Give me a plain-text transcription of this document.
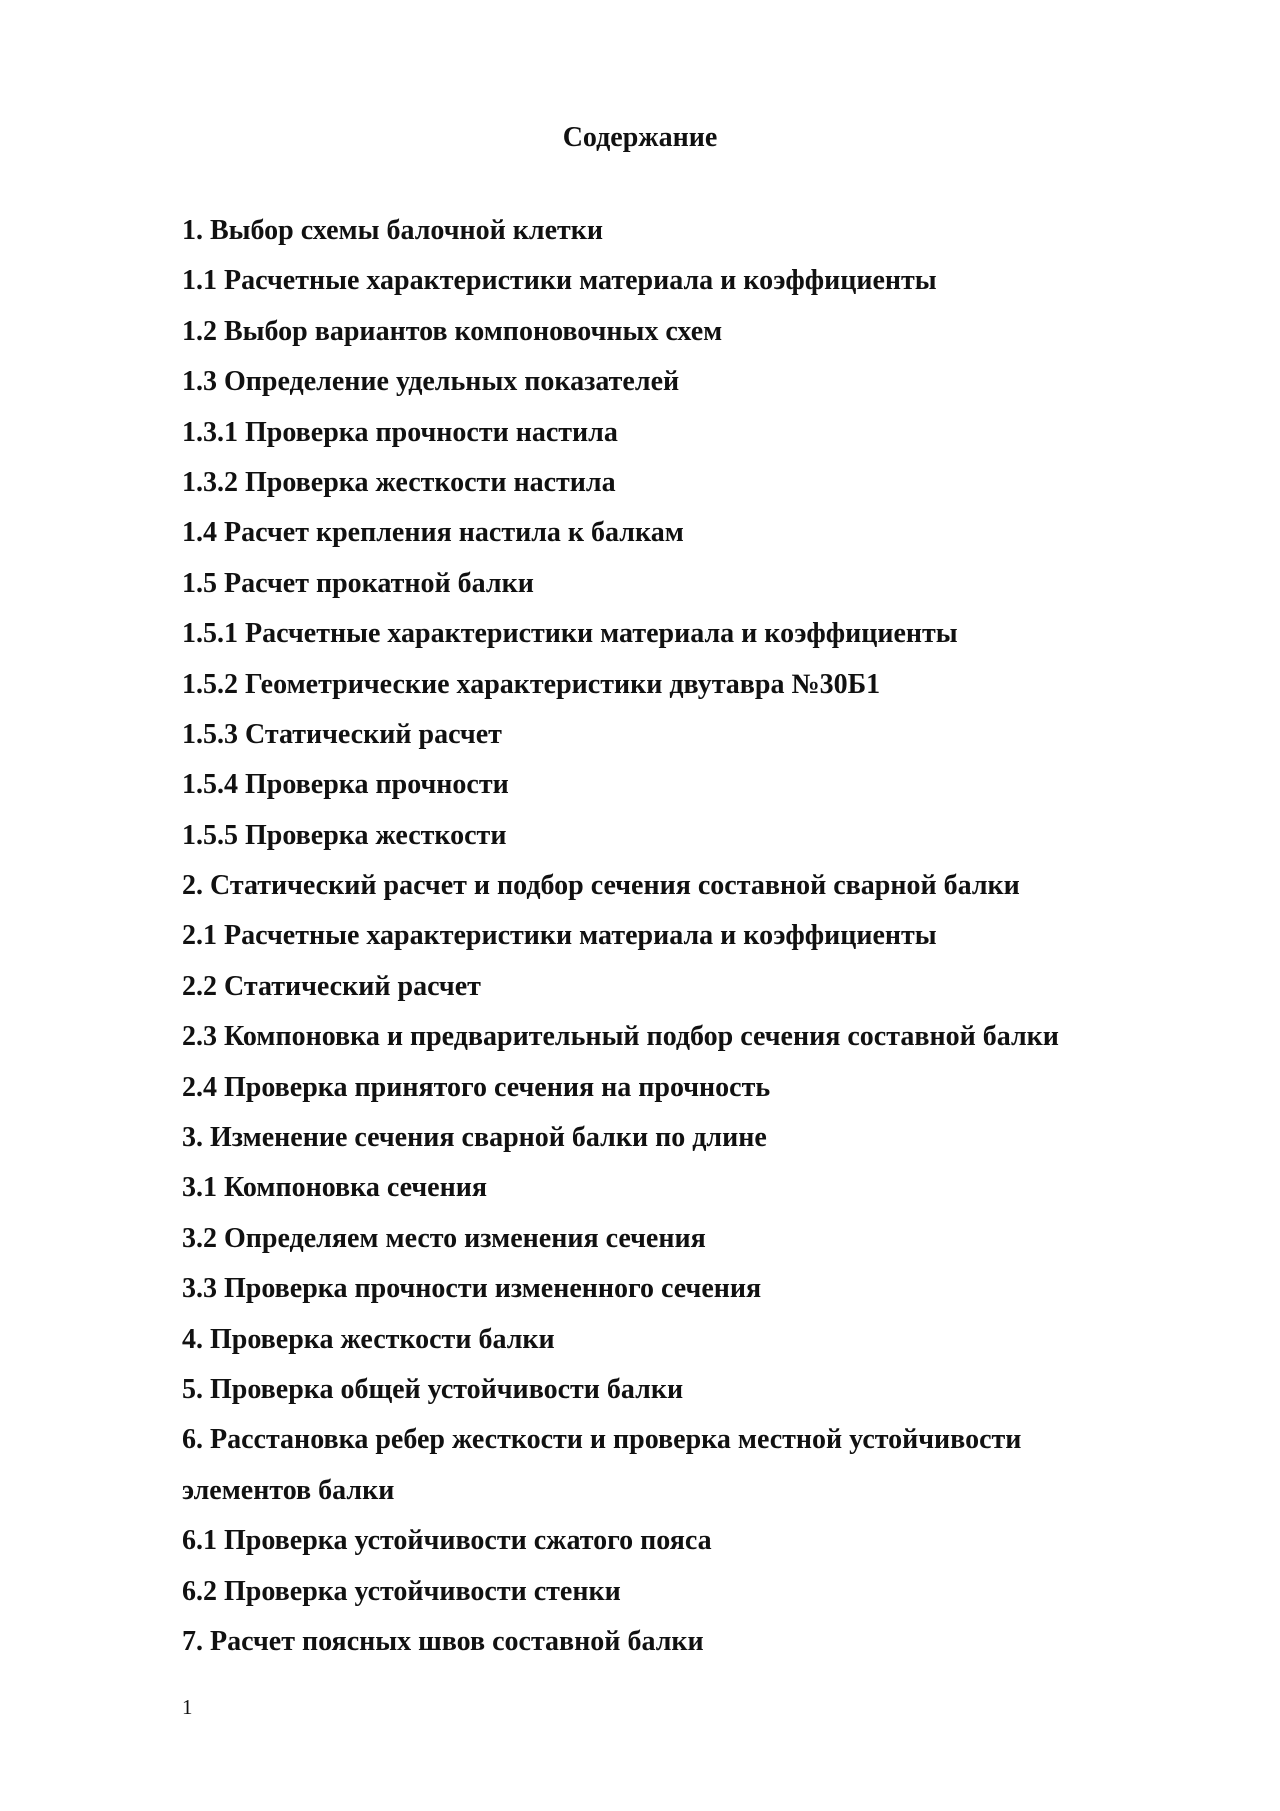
Содержание
1. Выбор схемы балочной клетки
1.1 Расчетные характеристики материала и коэффициенты
1.2 Выбор вариантов компоновочных схем
1.3 Определение удельных показателей
1.3.1 Проверка прочности настила
1.3.2 Проверка жесткости настила
1.4 Расчет крепления настила к балкам
1.5 Расчет прокатной балки
1.5.1 Расчетные характеристики материала и коэффициенты
1.5.2 Геометрические характеристики двутавра №30Б1
1.5.3 Статический расчет
1.5.4 Проверка прочности
1.5.5 Проверка жесткости
2. Статический расчет и подбор сечения составной сварной балки
2.1 Расчетные характеристики материала и коэффициенты
2.2 Статический расчет
2.3 Компоновка и предварительный подбор сечения составной балки
2.4 Проверка принятого сечения на прочность
3. Изменение сечения сварной балки по длине
3.1 Компоновка сечения
3.2 Определяем место изменения сечения
3.3 Проверка прочности измененного сечения
4. Проверка жесткости балки
5. Проверка общей устойчивости балки
6. Расстановка ребер жесткости и проверка местной устойчивости
элементов балки
6.1 Проверка устойчивости сжатого пояса
6.2 Проверка устойчивости стенки
7. Расчет поясных швов составной балки
1
